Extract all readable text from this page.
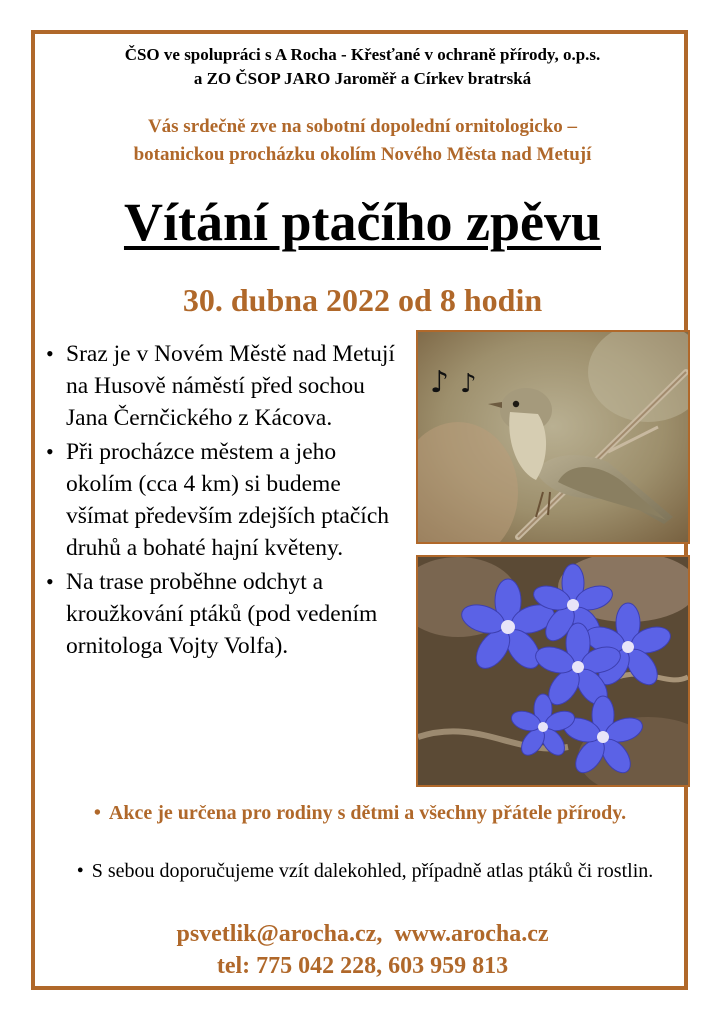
ČSO ve spolupráci s A Rocha - Křesťané v ochraně přírody, o.p.s.
a ZO ČSOP JARO Jaroměř a Církev bratrská
Vás srdečně zve na sobotní dopolední ornitologicko –
botanickou procházku okolím Nového Města nad Metují
Vítání ptačího zpěvu
30. dubna 2022 od 8 hodin
• Sraz je v Novém Městě nad Metují na Husově náměstí před sochou Jana Černčického z Kácova.
• Při procházce městem a jeho okolím (cca 4 km) si budeme všímat především zdejších ptačích druhů a bohaté hajní květeny.
• Na trase proběhne odchyt a kroužkování ptáků (pod vedením ornitologa Vojty Volfa).
♪ ♪
• Akce je určena pro rodiny s dětmi a všechny přátele přírody.
• S sebou doporučujeme vzít dalekohled, případně atlas ptáků či rostlin.
psvetlik@arocha.cz,  www.arocha.cz
tel: 775 042 228, 603 959 813
